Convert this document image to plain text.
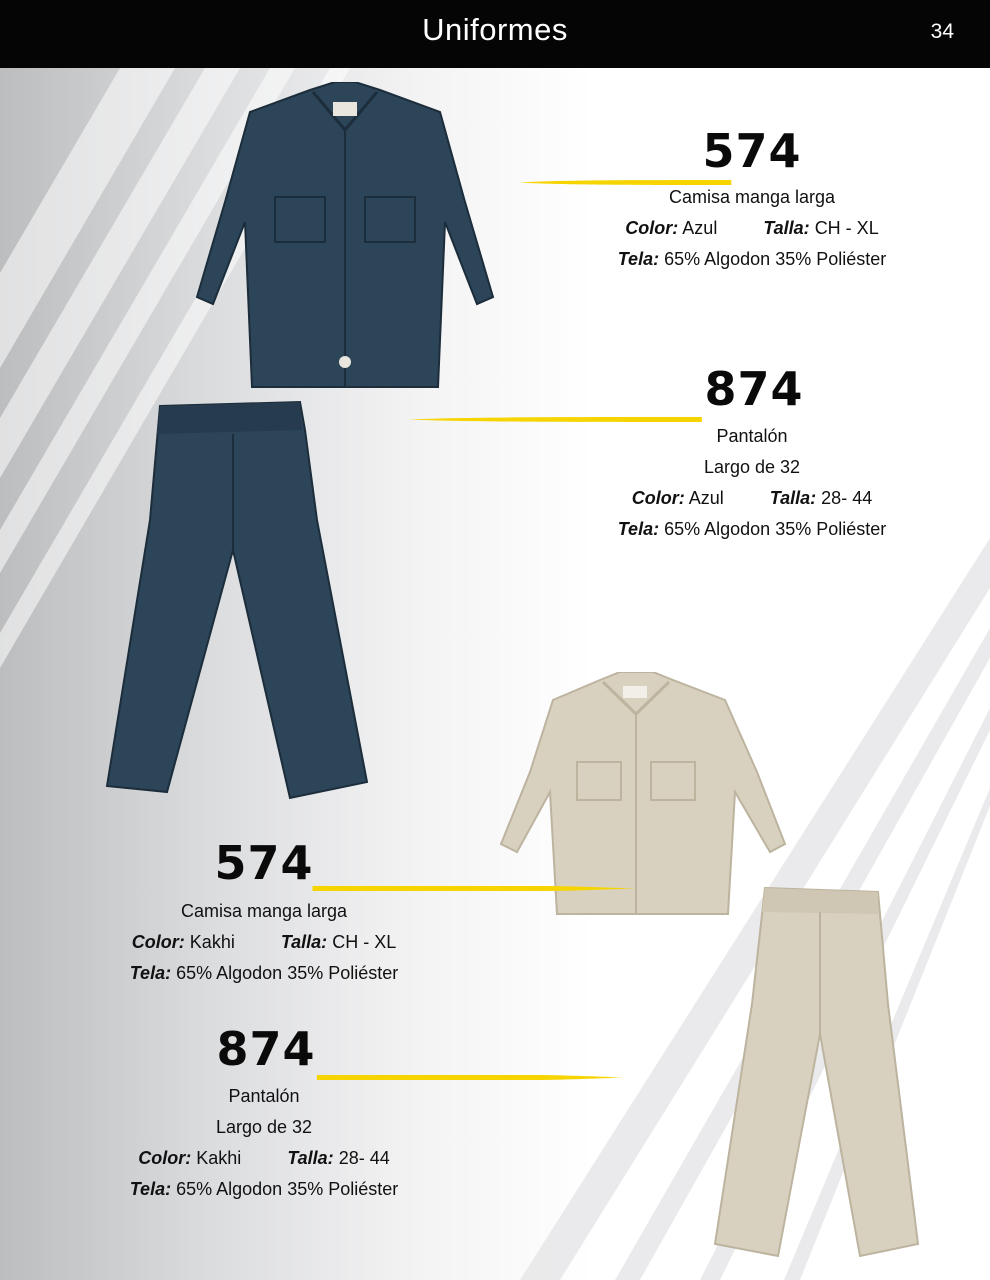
Uniformes	34
574
Camisa manga larga
Color: Azul	Talla: CH - XL
Tela: 65% Algodon 35% Poliéster
874
Pantalón
Largo de 32
Color: Azul	Talla: 28- 44
Tela: 65% Algodon 35% Poliéster
574
Camisa manga larga
Color: Kakhi	Talla: CH - XL
Tela: 65% Algodon 35% Poliéster
874
Pantalón
Largo de 32
Color: Kakhi	Talla: 28- 44
Tela: 65% Algodon 35% Poliéster
